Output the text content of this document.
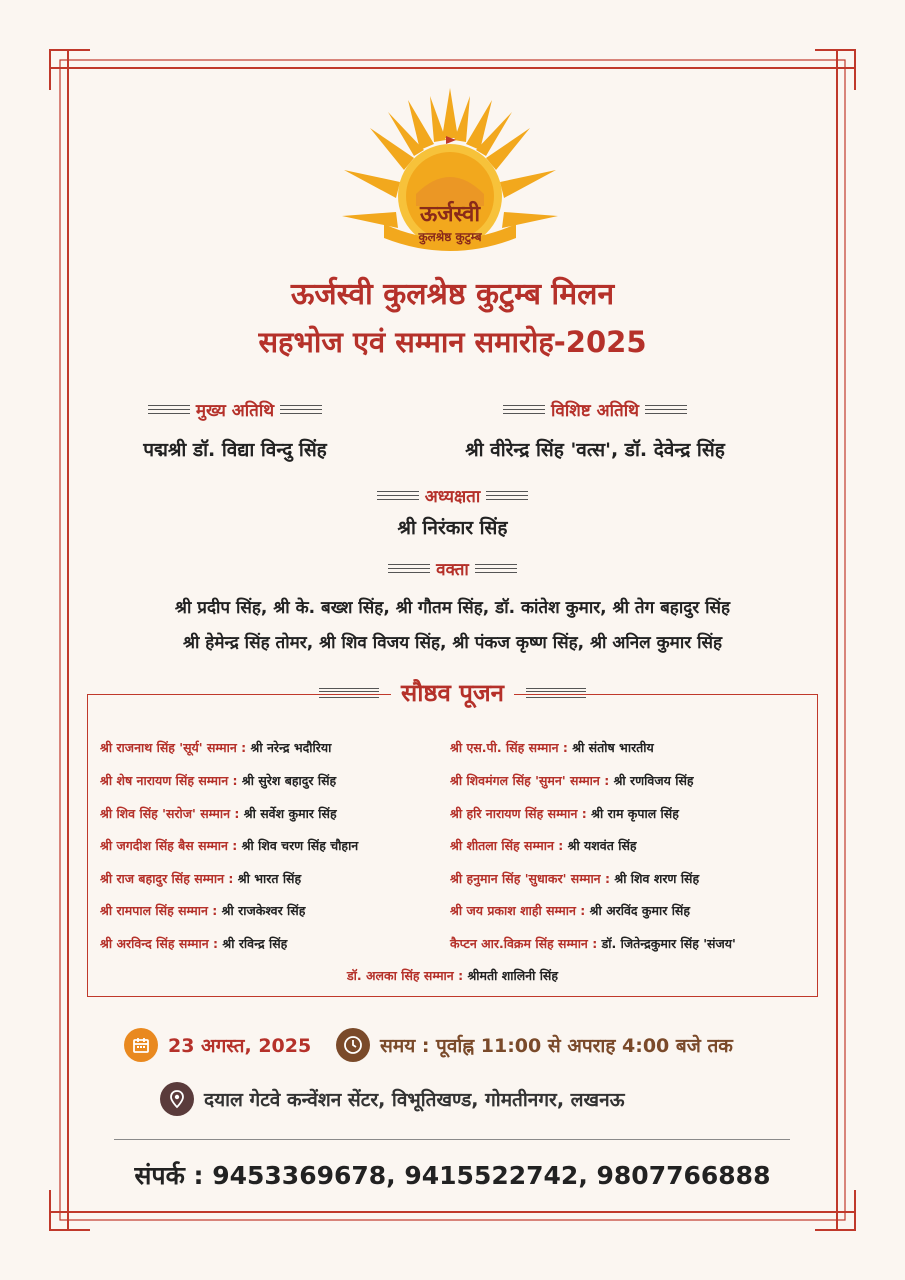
ऊर्जस्वी
कुलश्रेष्ठ कुटुम्ब
ऊर्जस्वी कुलश्रेष्ठ कुटुम्ब मिलन
सहभोज एवं सम्मान समारोह-2025
मुख्य अतिथि
पद्मश्री डॉ. विद्या विन्दु सिंह
विशिष्ट अतिथि
श्री वीरेन्द्र सिंह 'वत्स', डॉ. देवेन्द्र सिंह
अध्यक्षता
श्री निरंकार सिंह
वक्ता
श्री प्रदीप सिंह, श्री के. बख्श सिंह, श्री गौतम सिंह, डॉ. कांतेश कुमार, श्री तेग बहादुर सिंह
श्री हेमेन्द्र सिंह तोमर, श्री शिव विजय सिंह, श्री पंकज कृष्ण सिंह, श्री अनिल कुमार सिंह
सौष्ठव पूजन
श्री राजनाथ सिंह 'सूर्य' सम्मान : श्री नरेन्द्र भदौरिया
श्री शेष नारायण सिंह सम्मान : श्री सुरेश बहादुर सिंह
श्री शिव सिंह 'सरोज' सम्मान : श्री सर्वेश कुमार सिंह
श्री जगदीश सिंह बैस सम्मान : श्री शिव चरण सिंह चौहान
श्री राज बहादुर सिंह सम्मान : श्री भारत सिंह
श्री रामपाल सिंह सम्मान : श्री राजकेश्वर सिंह
श्री अरविन्द सिंह सम्मान : श्री रविन्द्र सिंह
श्री एस.पी. सिंह सम्मान : श्री संतोष भारतीय
श्री शिवमंगल सिंह 'सुमन' सम्मान : श्री रणविजय सिंह
श्री हरि नारायण सिंह सम्मान : श्री राम कृपाल सिंह
श्री शीतला सिंह सम्मान : श्री यशवंत सिंह
श्री हनुमान सिंह 'सुधाकर' सम्मान : श्री शिव शरण सिंह
श्री जय प्रकाश शाही सम्मान : श्री अरविंद कुमार सिंह
कैप्टन आर.विक्रम सिंह सम्मान : डॉ. जितेन्द्रकुमार सिंह 'संजय'
डॉ. अलका सिंह सम्मान : श्रीमती शालिनी सिंह
23 अगस्त, 2025	समय : पूर्वाह्न 11:00 से अपराह 4:00 बजे तक
दयाल गेटवे कन्वेंशन सेंटर, विभूतिखण्ड, गोमतीनगर, लखनऊ
संपर्क : 9453369678, 9415522742, 9807766888
